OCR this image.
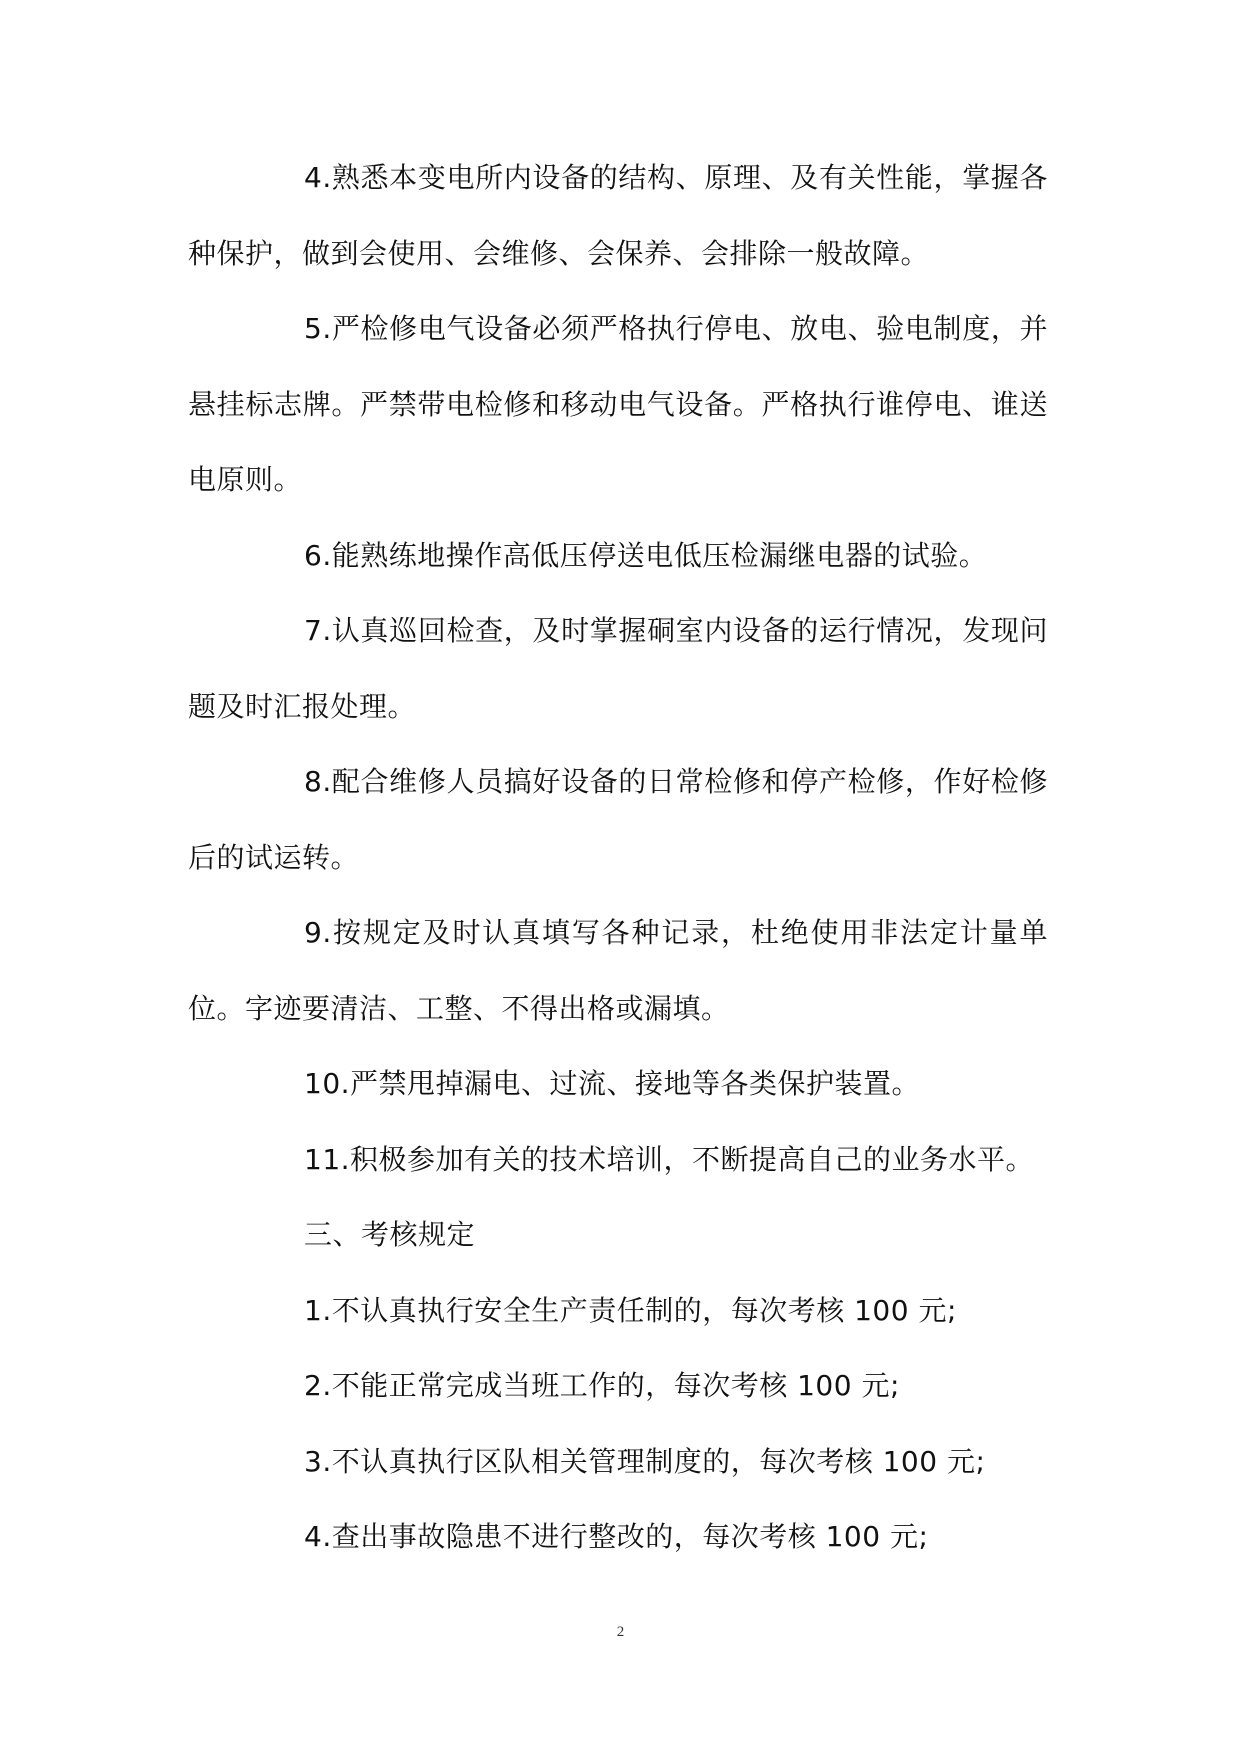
4.熟悉本变电所内设备的结构、原理、及有关性能，掌握各种保护，做到会使用、会维修、会保养、会排除一般故障。

5.严检修电气设备必须严格执行停电、放电、验电制度，并悬挂标志牌。严禁带电检修和移动电气设备。严格执行谁停电、谁送电原则。

6.能熟练地操作高低压停送电低压检漏继电器的试验。

7.认真巡回检查，及时掌握硐室内设备的运行情况，发现问题及时汇报处理。

8.配合维修人员搞好设备的日常检修和停产检修，作好检修后的试运转。

9.按规定及时认真填写各种记录，杜绝使用非法定计量单位。字迹要清洁、工整、不得出格或漏填。

10.严禁甩掉漏电、过流、接地等各类保护装置。

11.积极参加有关的技术培训，不断提高自己的业务水平。

三、考核规定

1.不认真执行安全生产责任制的，每次考核 100 元;

2.不能正常完成当班工作的，每次考核 100 元;

3.不认真执行区队相关管理制度的，每次考核 100 元;

4.查出事故隐患不进行整改的，每次考核 100 元;

2
